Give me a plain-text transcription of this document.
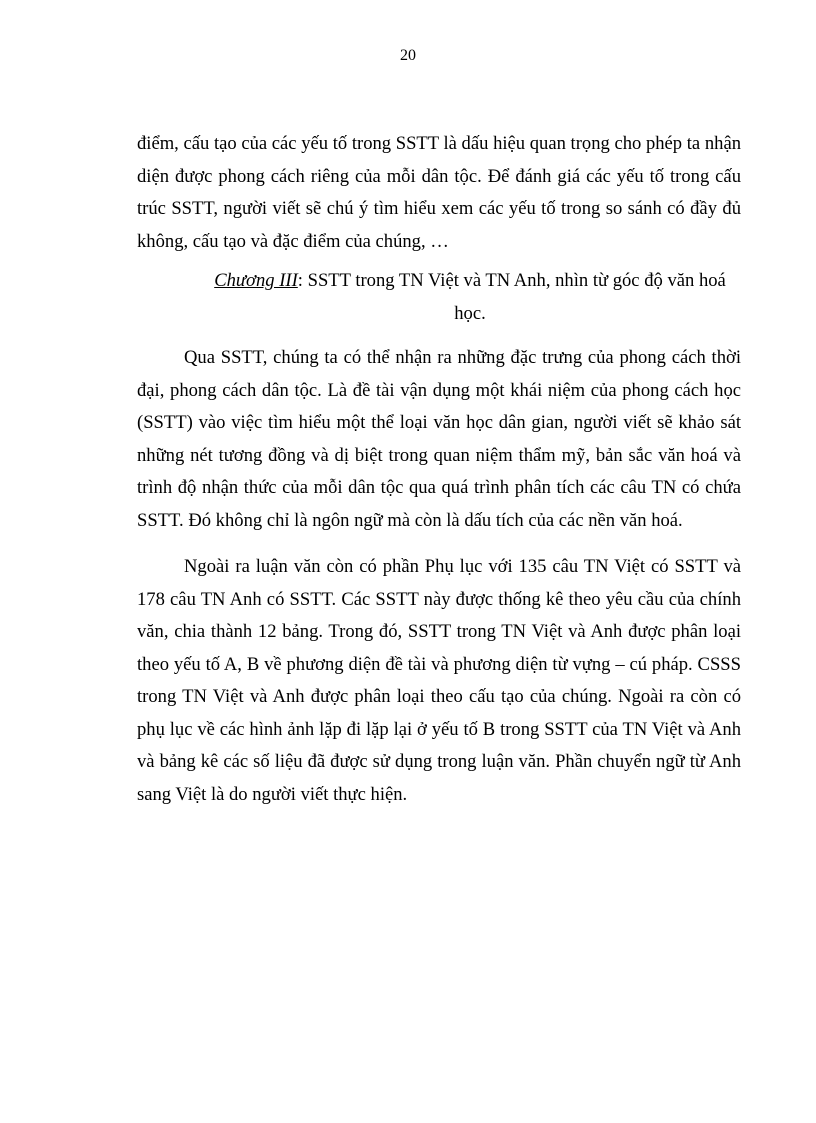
20

điểm, cấu tạo của các yếu tố trong SSTT là dấu hiệu quan trọng cho phép ta nhận diện được phong cách riêng của mỗi dân tộc. Để đánh giá các yếu tố trong cấu trúc SSTT, người viết sẽ chú ý tìm hiểu xem các yếu tố trong so sánh có đầy đủ không, cấu tạo và đặc điểm của chúng, …

Chương III: SSTT trong TN Việt và TN Anh, nhìn từ góc độ văn hoá học.

Qua SSTT, chúng ta có thể nhận ra những đặc trưng của phong cách thời đại, phong cách dân tộc. Là đề tài vận dụng một khái niệm của phong cách học (SSTT) vào việc tìm hiểu một thể loại văn học dân gian, người viết sẽ khảo sát những nét tương đồng và dị biệt trong quan niệm thẩm mỹ, bản sắc văn hoá và trình độ nhận thức của mỗi dân tộc qua quá trình phân tích các câu TN có chứa SSTT. Đó không chỉ là ngôn ngữ mà còn là dấu tích của các nền văn hoá.

Ngoài ra luận văn còn có phần Phụ lục với 135 câu TN Việt có SSTT và 178 câu TN Anh có SSTT. Các SSTT này được thống kê theo yêu cầu của chính văn, chia thành 12 bảng. Trong đó, SSTT trong TN Việt và Anh được phân loại theo yếu tố A, B về phương diện đề tài và phương diện từ vựng – cú pháp. CSSS trong TN Việt và Anh được phân loại theo cấu tạo của chúng. Ngoài ra còn có phụ lục về các hình ảnh lặp đi lặp lại ở yếu tố B trong SSTT của TN Việt và Anh và bảng kê các số liệu đã được sử dụng trong luận văn. Phần chuyển ngữ từ Anh sang Việt là do người viết thực hiện.
